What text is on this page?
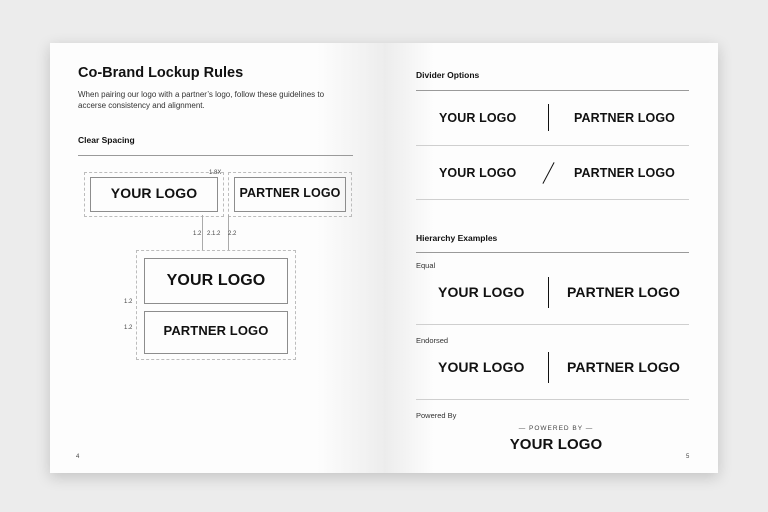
Co-Brand Lockup Rules
When pairing our logo with a partner’s logo, follow these guidelines to accerse consistency and alignment.
Clear Spacing
YOUR LOGO	PARTNER LOGO
1.8X
1.2 2.1.2 2.2
YOUR LOGO
PARTNER LOGO
1.2
1.2
4
Divider Options
YOUR LOGO	PARTNER LOGO
YOUR LOGO	PARTNER LOGO
Hierarchy Examples
Equal
YOUR LOGO	PARTNER LOGO
Endorsed
YOUR LOGO	PARTNER LOGO
Powered By
— POWERED BY —
YOUR LOGO
5
